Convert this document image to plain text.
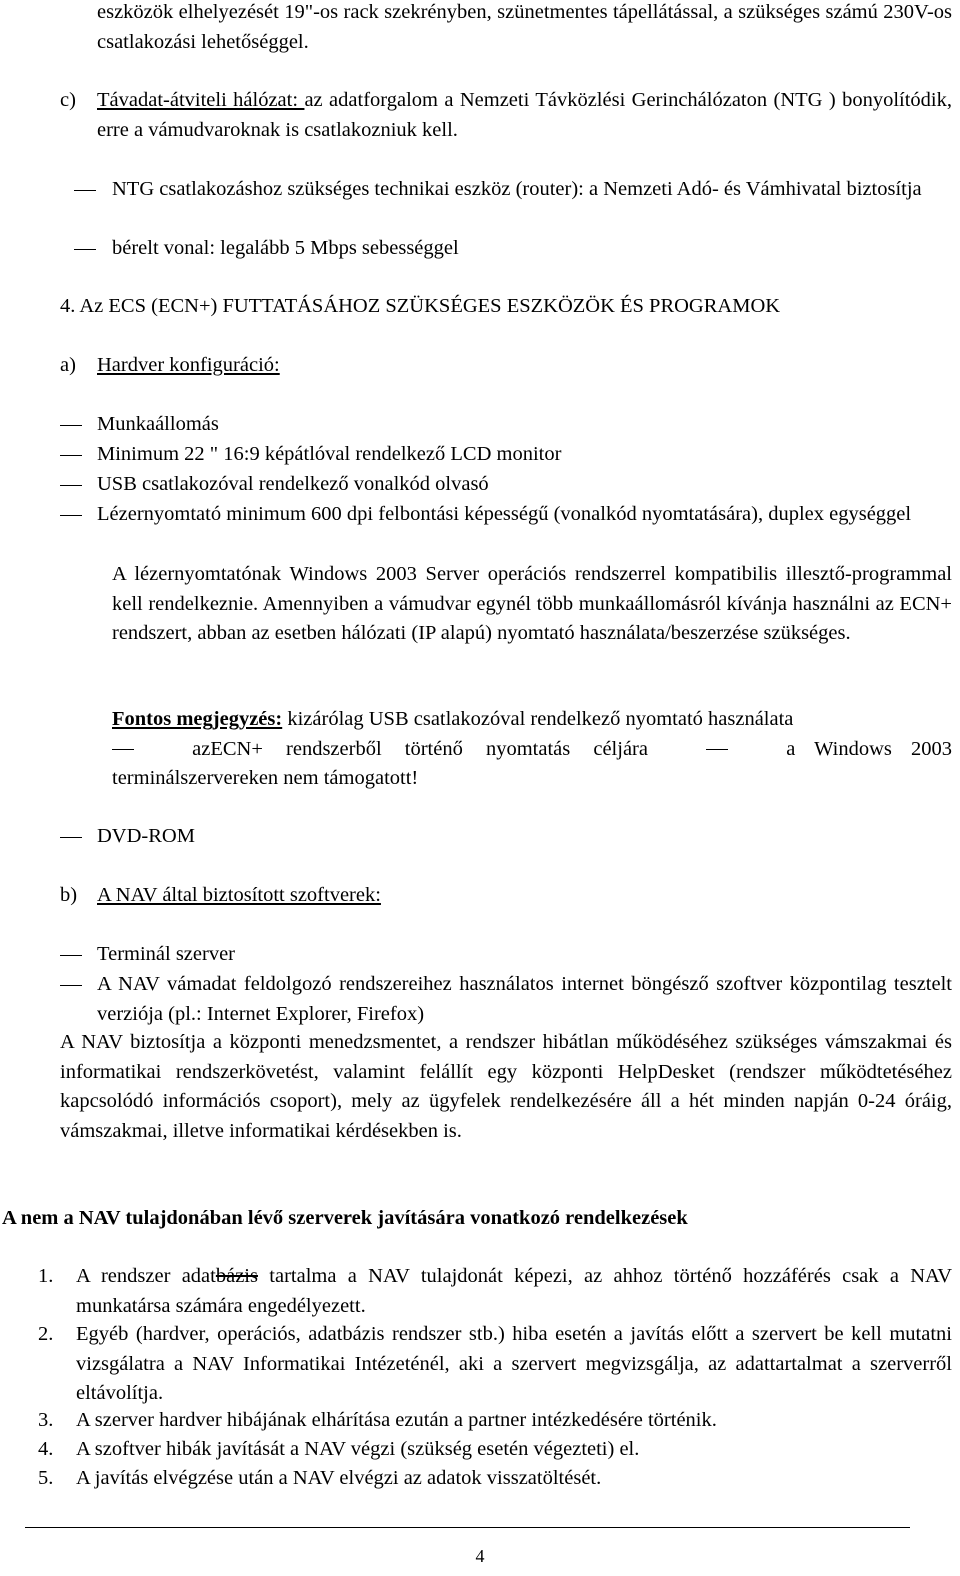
eszközök elhelyezését 19"-os rack szekrényben, szünetmentes tápellátással, a szükséges számú 230V-os csatlakozási lehetőséggel.

c) Távadat-átviteli hálózat: az adatforgalom a Nemzeti Távközlési Gerinchálózaton (NTG ) bonyolítódik, erre a vámudvaroknak is csatlakozniuk kell.
NTG csatlakozáshoz szükséges technikai eszköz (router): a Nemzeti Adó- és Vámhivatal biztosítja
bérelt vonal: legalább 5 Mbps sebességgel
4. Az ECS (ECN+) FUTTATÁSÁHOZ SZÜKSÉGES ESZKÖZÖK ÉS PROGRAMOK
a) Hardver konfiguráció:
Munkaállomás
Minimum 22 " 16:9 képátlóval rendelkező LCD monitor
USB csatlakozóval rendelkező vonalkód olvasó
Lézernyomtató minimum 600 dpi felbontási képességű (vonalkód nyomtatására), duplex egységgel

A lézernyomtatónak Windows 2003 Server operációs rendszerrel kompatibilis illesztő-programmal kell rendelkeznie. Amennyiben a vámudvar egynél több munkaállomásról kívánja használni az ECN+ rendszert, abban az esetben hálózati (IP alapú) nyomtató használata/beszerzése szükséges.

Fontos megjegyzés: kizárólag USB csatlakozóval rendelkező nyomtató használata
azECN+ rendszerből történő nyomtatás céljára	a Windows 2003
terminálszervereken nem támogatott!
DVD-ROM
b) A NAV által biztosított szoftverek:
Terminál szerver
A NAV vámadat feldolgozó rendszereihez használatos internet böngésző szoftver központilag tesztelt verziója (pl.: Internet Explorer, Firefox)

A NAV biztosítja a központi menedzsmentet, a rendszer hibátlan működéséhez szükséges vámszakmai és informatikai rendszerkövetést, valamint felállít egy központi HelpDesket (rendszer működtetéséhez kapcsolódó információs csoport), mely az ügyfelek rendelkezésére áll a hét minden napján 0-24 óráig, vámszakmai, illetve informatikai kérdésekben is.

A nem a NAV tulajdonában lévő szerverek javítására vonatkozó rendelkezések
1. A rendszer adatbázis tartalma a NAV tulajdonát képezi, az ahhoz történő hozzáférés csak a NAV munkatársa számára engedélyezett.
2. Egyéb (hardver, operációs, adatbázis rendszer stb.) hiba esetén a javítás előtt a szervert be kell mutatni vizsgálatra a NAV Informatikai Intézeténél, aki a szervert megvizsgálja, az adattartalmat a szerverről eltávolítja.
3. A szerver hardver hibájának elhárítása ezután a partner intézkedésére történik.
4. A szoftver hibák javítását a NAV végzi (szükség esetén végezteti) el.
5. A javítás elvégzése után a NAV elvégzi az adatok visszatöltését.
4
